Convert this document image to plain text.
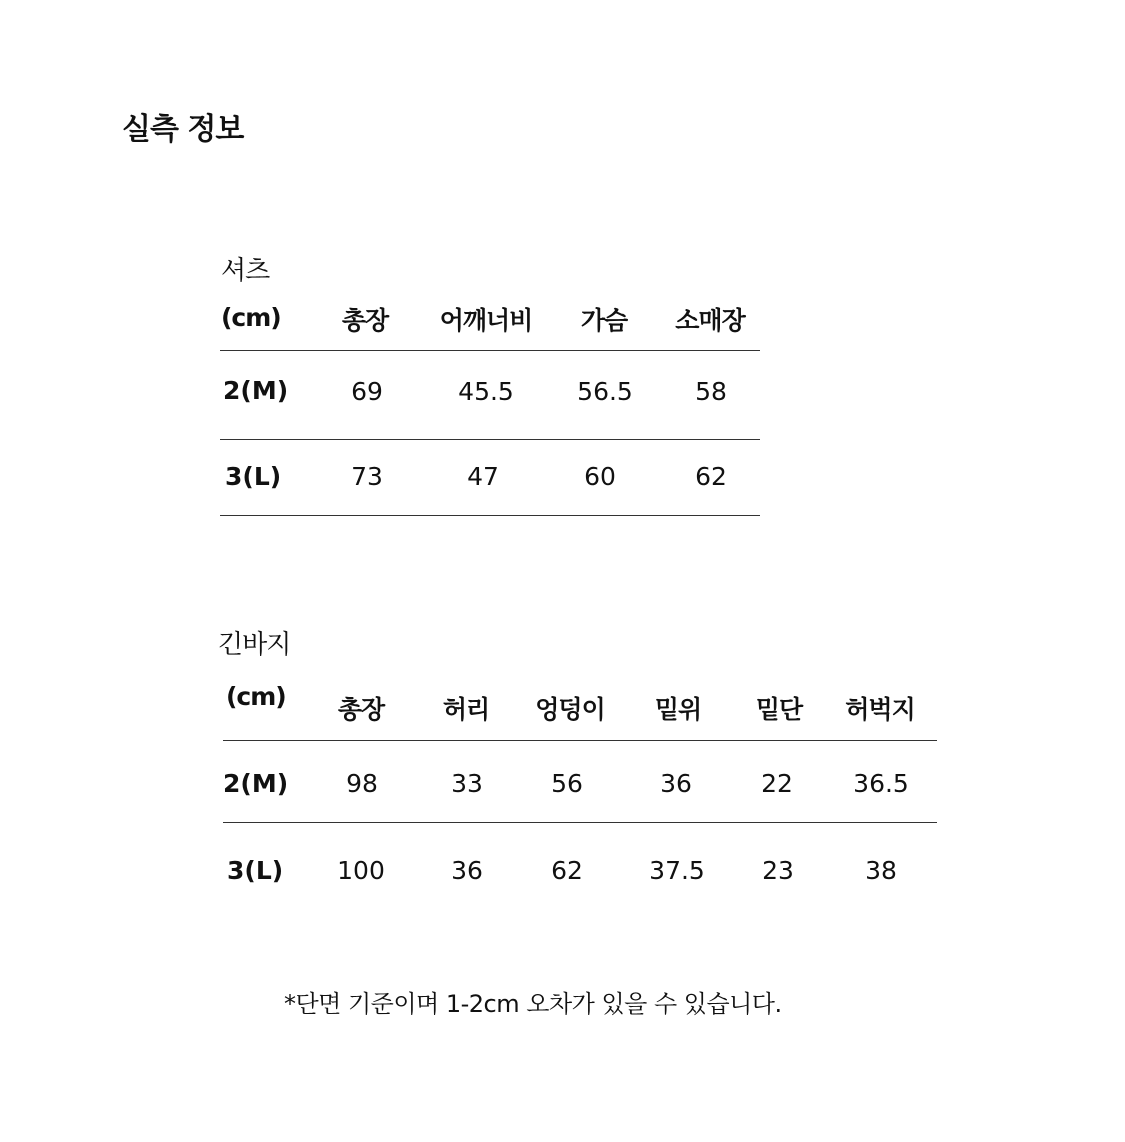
실측 정보
셔츠
(cm) 총장 어깨너비 가슴 소매장
2(M)	69	45.5	56.5 58
3(L)	73	47	60	62
긴바지
(cm) 총장 허리 엉덩이 밑위 밑단 허벅지
2(M) 98	33	56	36	22 36.5
3(L) 100	36	62	37.5 23	38
*단면 기준이며 1-2cm 오차가 있을 수 있습니다.
